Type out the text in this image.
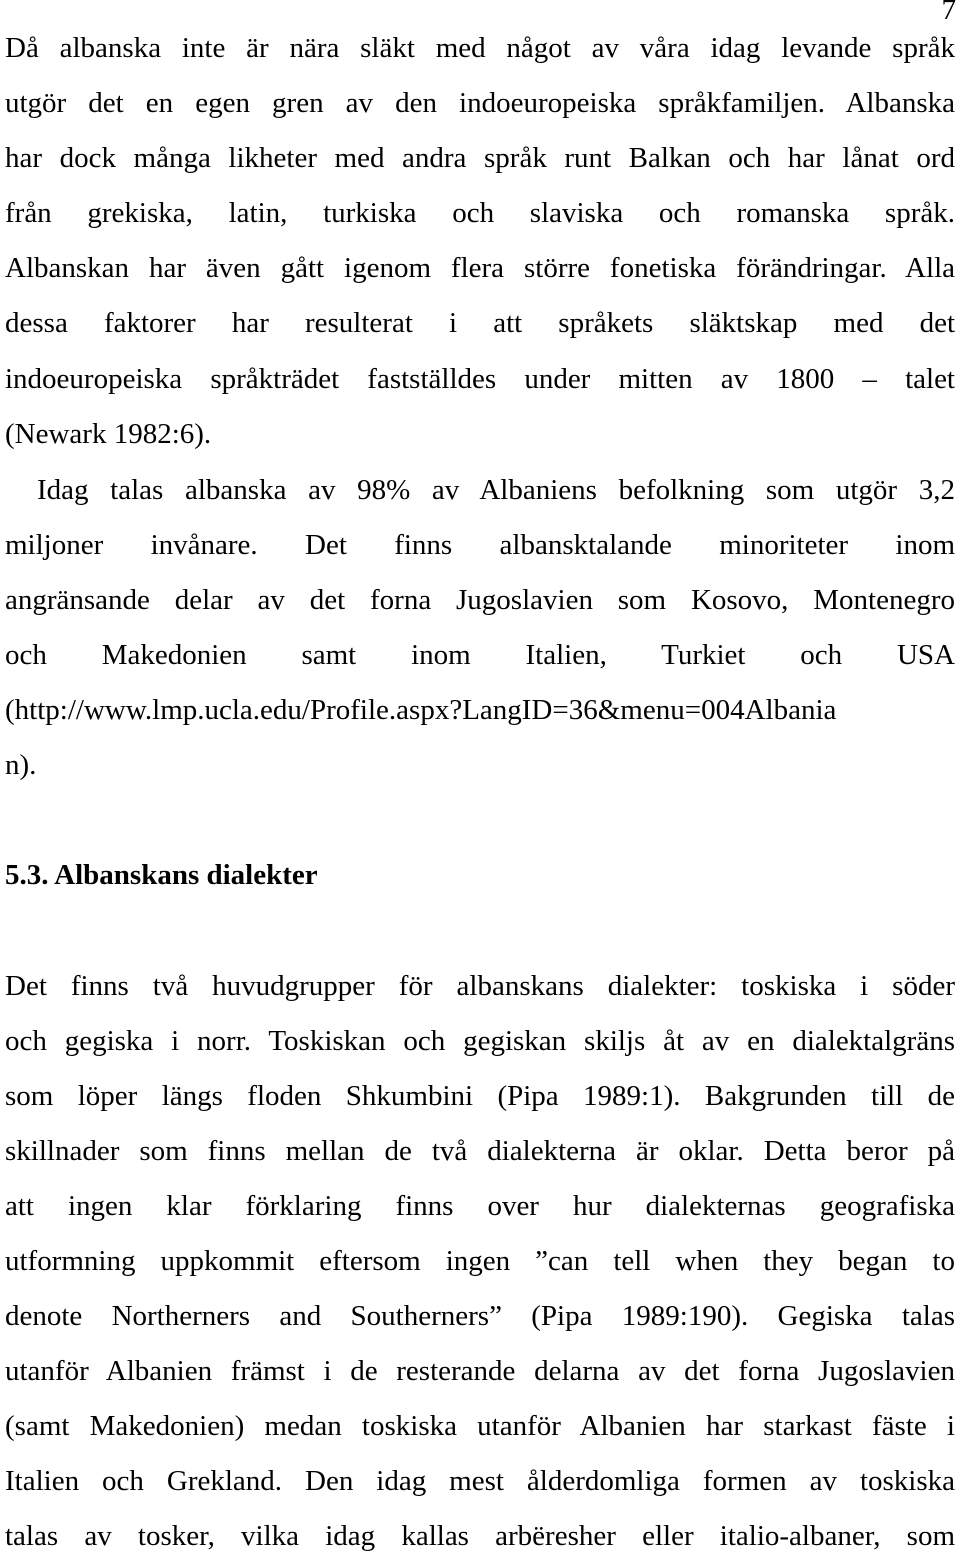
7
Då albanska inte är nära släkt med något av våra idag levande språk
utgör det en egen gren av den indoeuropeiska språkfamiljen. Albanska
har dock många likheter med andra språk runt Balkan och har lånat ord
från grekiska, latin, turkiska och slaviska och romanska språk.
Albanskan har även gått igenom flera större fonetiska förändringar. Alla
dessa faktorer har resulterat i att språkets släktskap med det
indoeuropeiska språkträdet fastställdes under mitten av 1800 – talet
(Newark 1982:6).
Idag talas albanska av 98% av Albaniens befolkning som utgör 3,2
miljoner invånare. Det finns albansktalande minoriteter inom
angränsande delar av det forna Jugoslavien som Kosovo, Montenegro
och Makedonien samt inom Italien, Turkiet och USA
(http://www.lmp.ucla.edu/Profile.aspx?LangID=36&menu=004Albania
n).
5.3. Albanskans dialekter
Det finns två huvudgrupper för albanskans dialekter: toskiska i söder
och gegiska i norr. Toskiskan och gegiskan skiljs åt av en dialektalgräns
som löper längs floden Shkumbini (Pipa 1989:1). Bakgrunden till de
skillnader som finns mellan de två dialekterna är oklar. Detta beror på
att ingen klar förklaring finns over hur dialekternas geografiska
utformning uppkommit eftersom ingen ”can tell when they began to
denote Northerners and Southerners” (Pipa 1989:190). Gegiska talas
utanför Albanien främst i de resterande delarna av det forna Jugoslavien
(samt Makedonien) medan toskiska utanför Albanien har starkast fäste i
Italien och Grekland. Den idag mest ålderdomliga formen av toskiska
talas av tosker, vilka idag kallas arbëresher eller italio-albaner, som
